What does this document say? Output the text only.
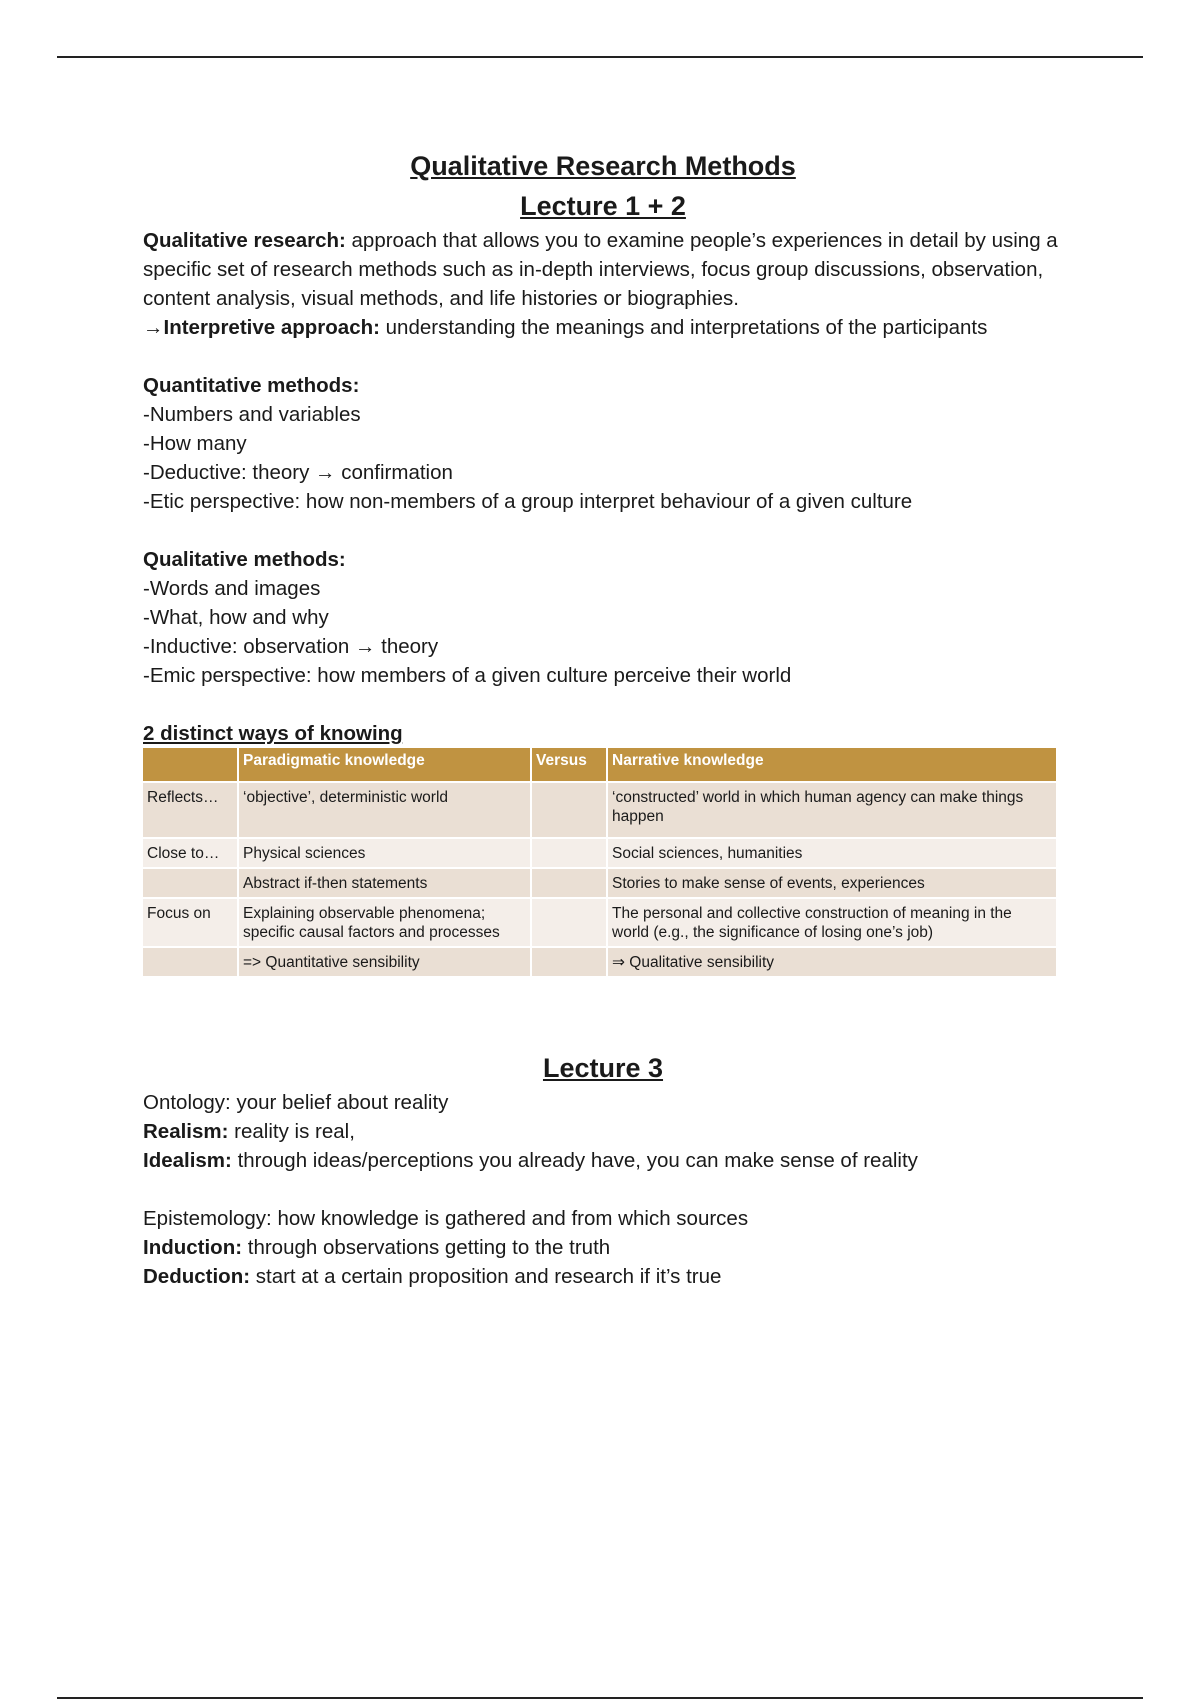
Qualitative Research Methods
Lecture 1 + 2

Qualitative research: approach that allows you to examine people’s experiences in detail by using a specific set of research methods such as in-depth interviews, focus group discussions, observation, content analysis, visual methods, and life histories or biographies.

→Interpretive approach: understanding the meanings and interpretations of the participants

Quantitative methods:

-Numbers and variables

-How many

-Deductive: theory → confirmation

-Etic perspective: how non-members of a group interpret behaviour of a given culture

Qualitative methods:

-Words and images

-What, how and why

-Inductive: observation → theory

-Emic perspective: how members of a given culture perceive their world

2 distinct ways of knowing

	Paradigmatic knowledge	Versus	Narrative knowledge
Reflects…	‘objective’, deterministic world		‘constructed’ world in which human agency can make things happen
Close to…	Physical sciences		Social sciences, humanities
	Abstract if-then statements		Stories to make sense of events, experiences
Focus on	Explaining observable phenomena; specific causal factors and processes		The personal and collective construction of meaning in the world (e.g., the significance of losing one’s job)
	=> Quantitative sensibility		⇒ Qualitative sensibility
Lecture 3

Ontology: your belief about reality

Realism: reality is real,

Idealism: through ideas/perceptions you already have, you can make sense of reality

Epistemology: how knowledge is gathered and from which sources

Induction: through observations getting to the truth

Deduction: start at a certain proposition and research if it’s true
